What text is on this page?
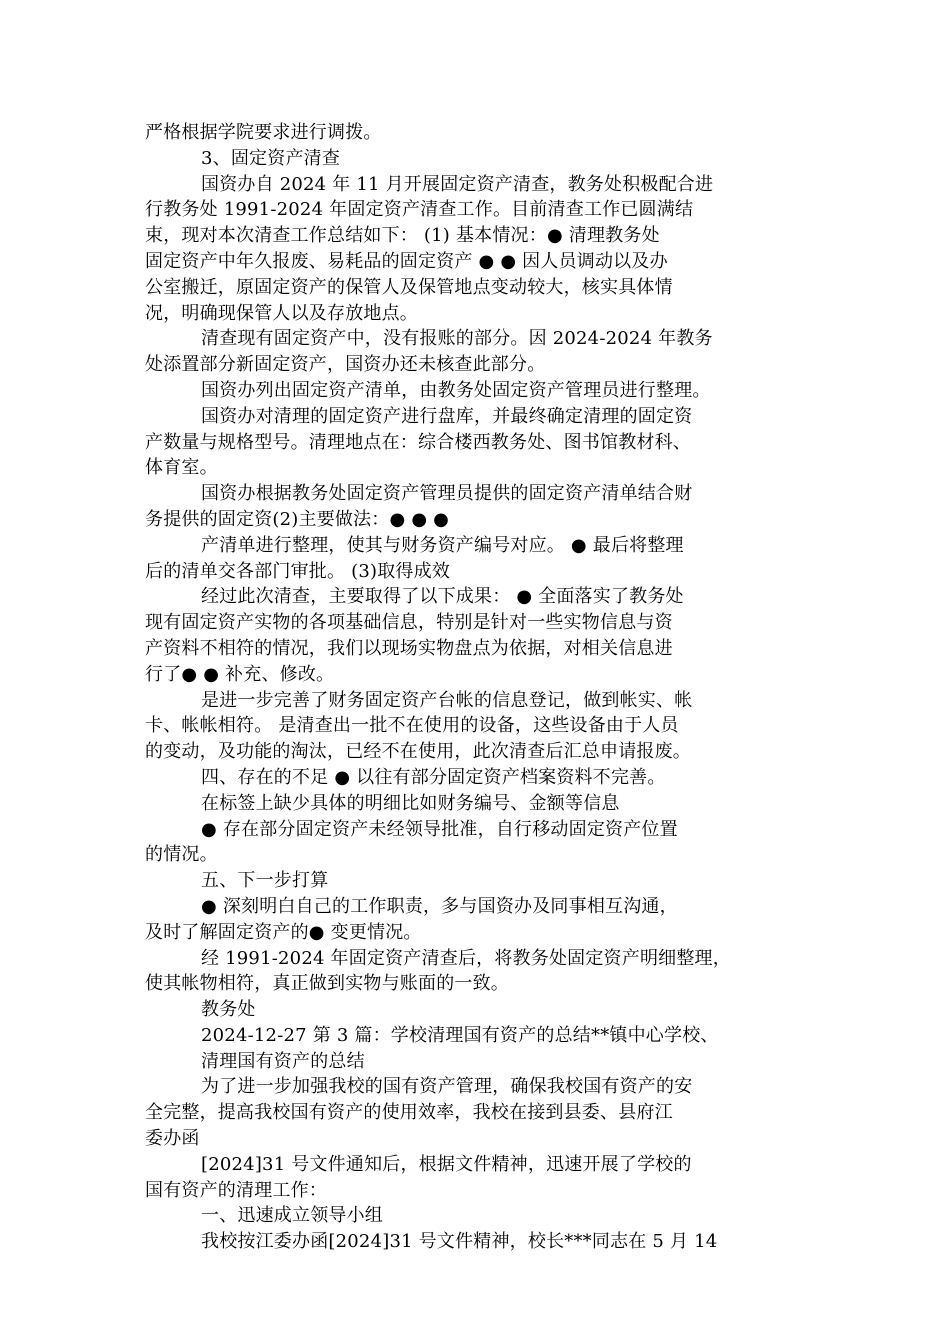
严格根据学院要求进行调拨。
3、固定资产清查
国资办自 2024 年 11 月开展固定资产清查，教务处积极配合进
行教务处 1991-2024 年固定资产清查工作。目前清查工作已圆满结
束，现对本次清查工作总结如下： (1) 基本情况：● 清理教务处
固定资产中年久报废、易耗品的固定资产 ● ● 因人员调动以及办
公室搬迁，原固定资产的保管人及保管地点变动较大，核实具体情
况，明确现保管人以及存放地点。
清查现有固定资产中，没有报账的部分。因 2024-2024 年教务
处添置部分新固定资产，国资办还未核查此部分。
国资办列出固定资产清单，由教务处固定资产管理员进行整理。
国资办对清理的固定资产进行盘库，并最终确定清理的固定资
产数量与规格型号。清理地点在：综合楼西教务处、图书馆教材科、
体育室。
国资办根据教务处固定资产管理员提供的固定资产清单结合财
务提供的固定资(2)主要做法：● ● ●
产清单进行整理，使其与财务资产编号对应。 ● 最后将整理
后的清单交各部门审批。 (3)取得成效
经过此次清查，主要取得了以下成果： ● 全面落实了教务处
现有固定资产实物的各项基础信息，特别是针对一些实物信息与资
产资料不相符的情况，我们以现场实物盘点为依据，对相关信息进
行了● ● 补充、修改。
是进一步完善了财务固定资产台帐的信息登记，做到帐实、帐
卡、帐帐相符。 是清查出一批不在使用的设备，这些设备由于人员
的变动，及功能的淘汰，已经不在使用，此次清查后汇总申请报废。
四、存在的不足 ● 以往有部分固定资产档案资料不完善。
在标签上缺少具体的明细比如财务编号、金额等信息
● 存在部分固定资产未经领导批准，自行移动固定资产位置
的情况。
五、下一步打算
● 深刻明白自己的工作职责，多与国资办及同事相互沟通，
及时了解固定资产的● 变更情况。
经 1991-2024 年固定资产清查后，将教务处固定资产明细整理，
使其帐物相符，真正做到实物与账面的一致。
教务处
2024-12-27 第 3 篇：学校清理国有资产的总结**镇中心学校、
清理国有资产的总结
为了进一步加强我校的国有资产管理，确保我校国有资产的安
全完整，提高我校国有资产的使用效率，我校在接到县委、县府江
委办函
[2024]31 号文件通知后，根据文件精神，迅速开展了学校的
国有资产的清理工作：
一、迅速成立领导小组
我校按江委办函[2024]31 号文件精神，校长***同志在 5 月 14
